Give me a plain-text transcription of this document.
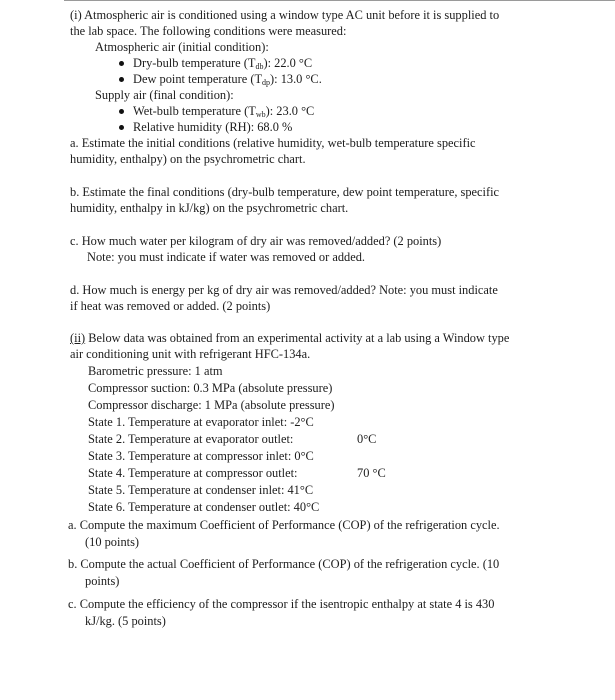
(i) Atmospheric air is conditioned using a window type AC unit before it is supplied to
the lab space. The following conditions were measured:
Atmospheric air (initial condition):
Dry-bulb temperature $(T_{db})$: 22.0 °C
Dew point temperature $(T_{dp})$: 13.0 °C.
Supply air (final condition):
Wet-bulb temperature $(T_{wb})$: 23.0 °C
Relative humidity (RH): 68.0 %
a. Estimate the initial conditions (relative humidity, wet-bulb temperature specific
humidity, enthalpy) on the psychrometric chart.
b. Estimate the final conditions (dry-bulb temperature, dew point temperature, specific
humidity, enthalpy in kJ/kg) on the psychrometric chart.
c. How much water per kilogram of dry air was removed/added? (2 points)
Note: you must indicate if water was removed or added.
d. How much is energy per kg of dry air was removed/added? Note: you must indicate
if heat was removed or added. (2 points)
(ii) Below data was obtained from an experimental activity at a lab using a Window type
air conditioning unit with refrigerant HFC-134a.
Barometric pressure: 1 atm
Compressor suction: 0.3 MPa (absolute pressure)
Compressor discharge: 1 MPa (absolute pressure)
State 1. Temperature at evaporator inlet: -2°C
State 2. Temperature at evaporator outlet:	0°C
State 3. Temperature at compressor inlet: 0°C
State 4. Temperature at compressor outlet:	70 °C
State 5. Temperature at condenser inlet: 41°C
State 6. Temperature at condenser outlet: 40°C
a. Compute the maximum Coefficient of Performance (COP) of the refrigeration cycle.
(10 points)
b. Compute the actual Coefficient of Performance (COP) of the refrigeration cycle. (10
points)
c. Compute the efficiency of the compressor if the isentropic enthalpy at state 4 is 430
kJ/kg. (5 points)
